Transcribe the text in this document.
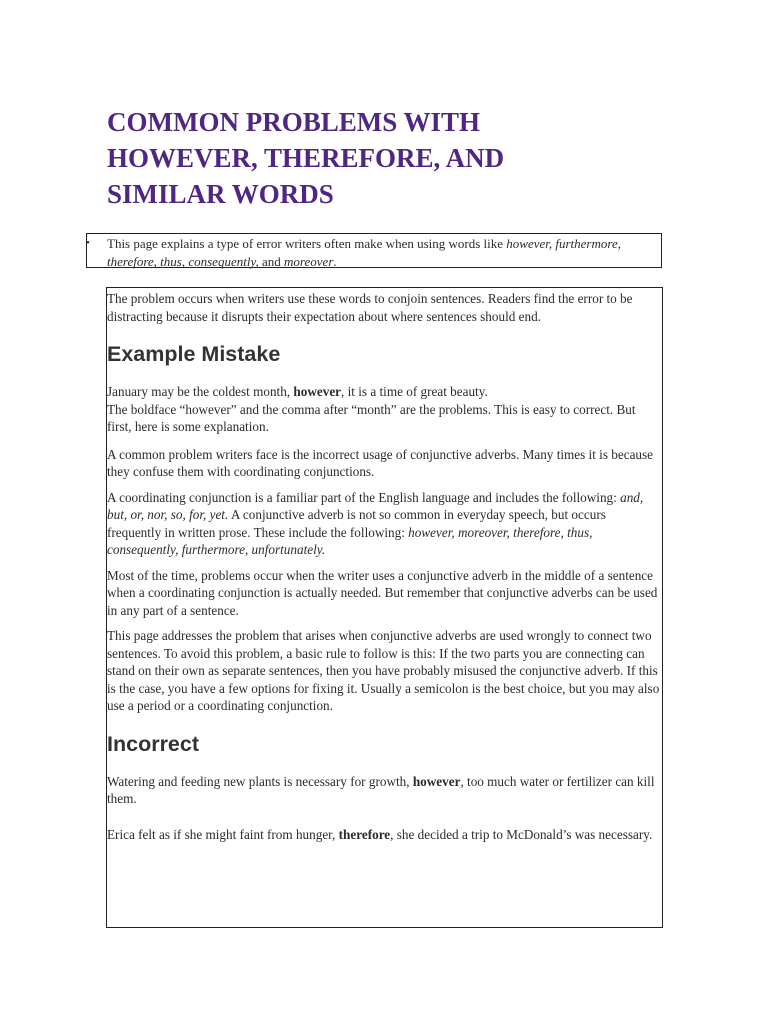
COMMON PROBLEMS WITH
HOWEVER, THEREFORE, AND
SIMILAR WORDS
• This page explains a type of error writers often make when using words like however, furthermore, therefore, thus, consequently, and moreover.

The problem occurs when writers use these words to conjoin sentences. Readers find the error to be distracting because it disrupts their expectation about where sentences should end.

Example Mistake

January may be the coldest month, however, it is a time of great beauty.

The boldface “however” and the comma after “month” are the problems. This is easy to correct. But first, here is some explanation.

A common problem writers face is the incorrect usage of conjunctive adverbs. Many times it is because they confuse them with coordinating conjunctions.

A coordinating conjunction is a familiar part of the English language and includes the following: and, but, or, nor, so, for, yet. A conjunctive adverb is not so common in everyday speech, but occurs frequently in written prose. These include the following: however, moreover, therefore, thus, consequently, furthermore, unfortunately.

Most of the time, problems occur when the writer uses a conjunctive adverb in the middle of a sentence when a coordinating conjunction is actually needed. But remember that conjunctive adverbs can be used in any part of a sentence.

This page addresses the problem that arises when conjunctive adverbs are used wrongly to connect two sentences. To avoid this problem, a basic rule to follow is this: If the two parts you are connecting can stand on their own as separate sentences, then you have probably misused the conjunctive adverb. If this is the case, you have a few options for fixing it. Usually a semicolon is the best choice, but you may also use a period or a coordinating conjunction.

Incorrect

Watering and feeding new plants is necessary for growth, however, too much water or fertilizer can kill them.

Erica felt as if she might faint from hunger, therefore, she decided a trip to McDonald’s was necessary.
